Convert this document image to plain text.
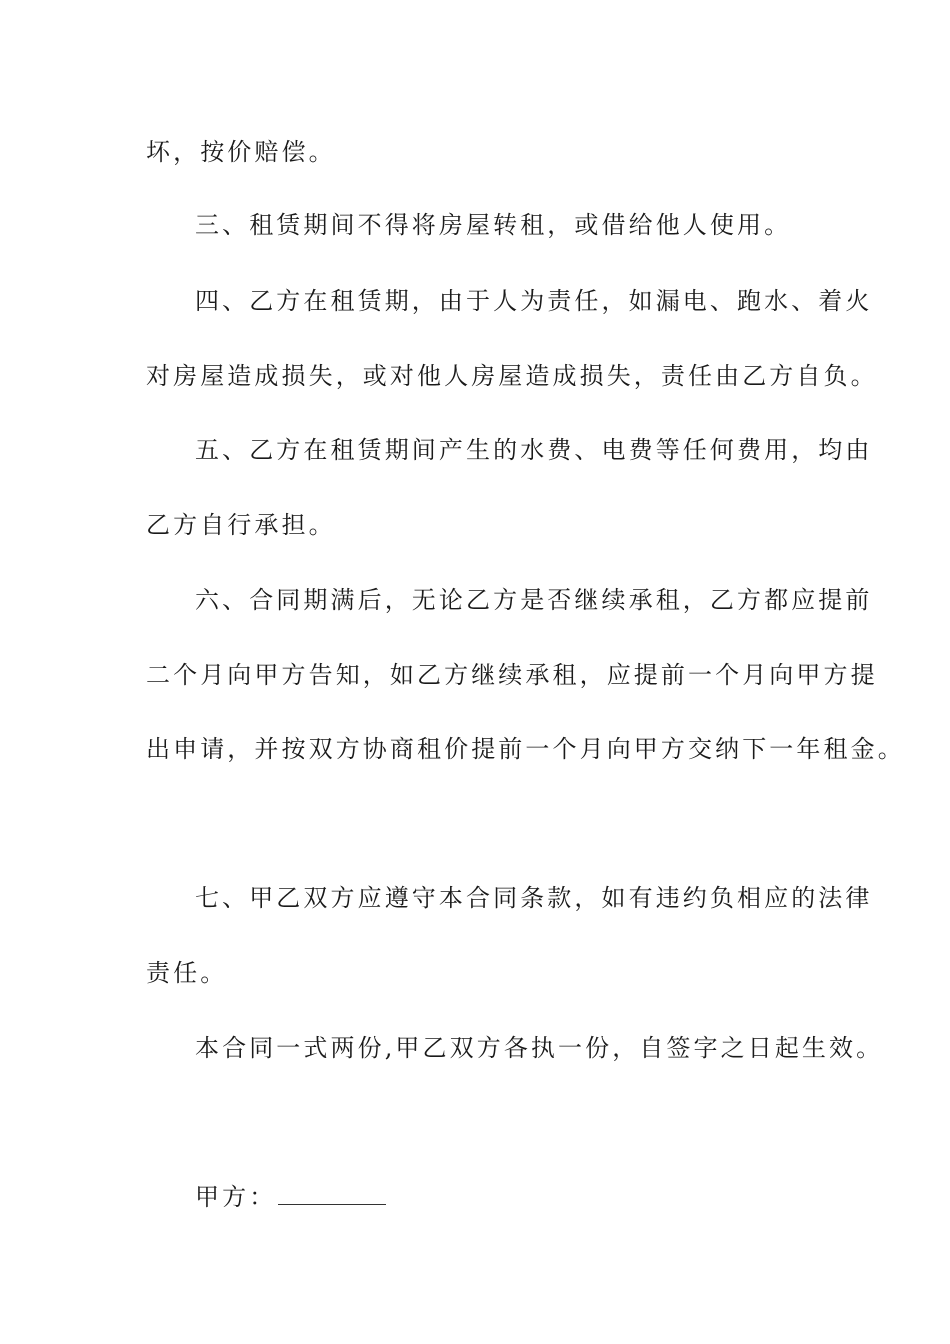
坏，按价赔偿。
三、租赁期间不得将房屋转租，或借给他人使用。
四、乙方在租赁期，由于人为责任，如漏电、跑水、着火
对房屋造成损失，或对他人房屋造成损失，责任由乙方自负。
五、乙方在租赁期间产生的水费、电费等任何费用，均由
乙方自行承担。
六、合同期满后，无论乙方是否继续承租，乙方都应提前
二个月向甲方告知，如乙方继续承租，应提前一个月向甲方提
出申请，并按双方协商租价提前一个月向甲方交纳下一年租金。
七、甲乙双方应遵守本合同条款，如有违约负相应的法律
责任。
本合同一式两份,甲乙双方各执一份，自签字之日起生效。
甲方：
